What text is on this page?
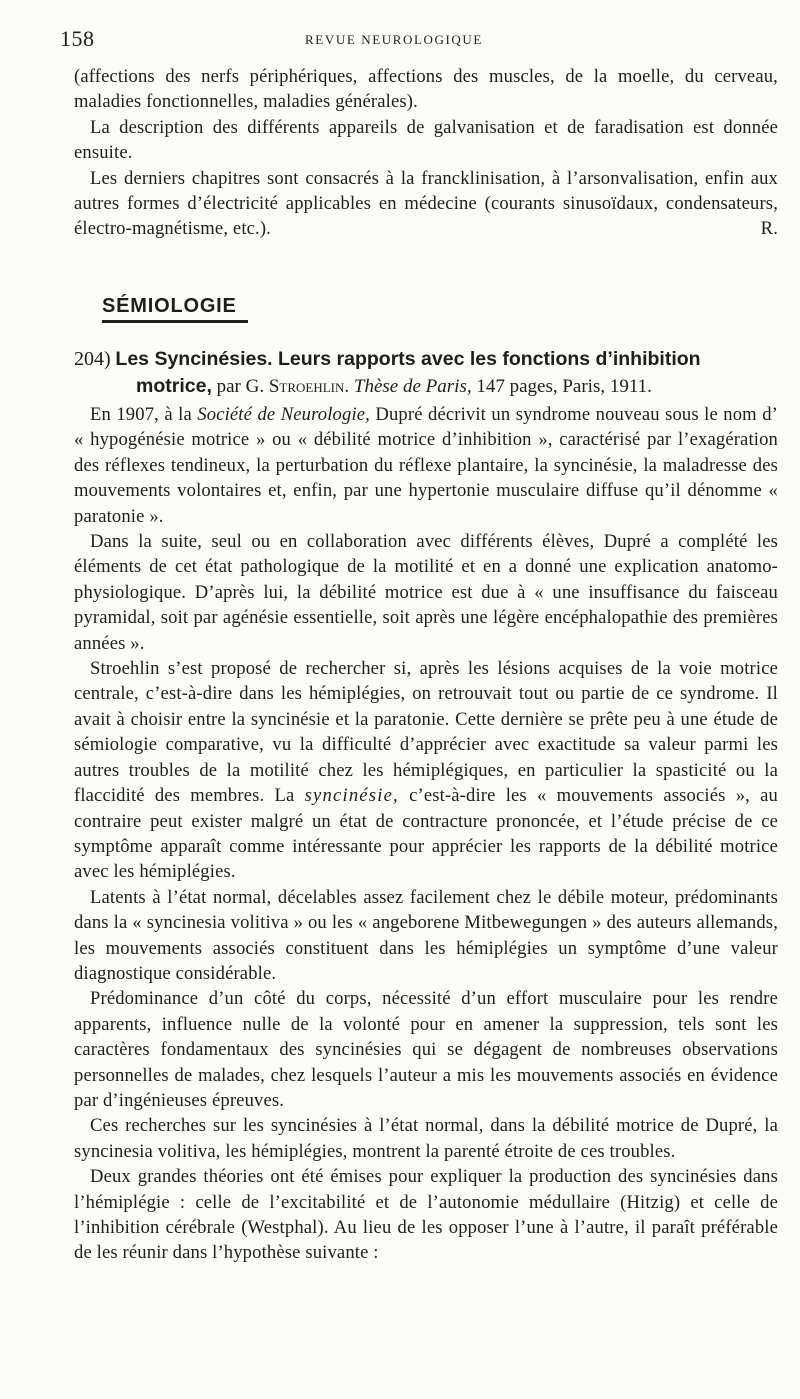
158	REVUE NEUROLOGIQUE

(affections des nerfs périphériques, affections des muscles, de la moelle, du cerveau, maladies fonctionnelles, maladies générales).

La description des différents appareils de galvanisation et de faradisation est donnée ensuite.

Les derniers chapitres sont consacrés à la francklinisation, à l’arsonvalisation, enfin aux autres formes d’électricité applicables en médecine (courants sinusoïdaux, condensateurs, électro-magnétisme, etc.).	R.

SÉMIOLOGIE
204) Les Syncinésies. Leurs rapports avec les fonctions d’inhibition
motrice, par G. Stroehlin. Thèse de Paris, 147 pages, Paris, 1911.

En 1907, à la Société de Neurologie, Dupré décrivit un syndrome nouveau sous le nom d’ « hypogénésie motrice » ou « débilité motrice d’inhibition », caractérisé par l’exagération des réflexes tendineux, la perturbation du réflexe plantaire, la syncinésie, la maladresse des mouvements volontaires et, enfin, par une hypertonie musculaire diffuse qu’il dénomme « paratonie ».

Dans la suite, seul ou en collaboration avec différents élèves, Dupré a complété les éléments de cet état pathologique de la motilité et en a donné une explication anatomo-physiologique. D’après lui, la débilité motrice est due à « une insuffisance du faisceau pyramidal, soit par agénésie essentielle, soit après une légère encéphalopathie des premières années ».

Stroehlin s’est proposé de rechercher si, après les lésions acquises de la voie motrice centrale, c’est-à-dire dans les hémiplégies, on retrouvait tout ou partie de ce syndrome. Il avait à choisir entre la syncinésie et la paratonie. Cette dernière se prête peu à une étude de sémiologie comparative, vu la difficulté d’apprécier avec exactitude sa valeur parmi les autres troubles de la motilité chez les hémiplégiques, en particulier la spasticité ou la flaccidité des membres. La syncinésie, c’est-à-dire les « mouvements associés », au contraire peut exister malgré un état de contracture prononcée, et l’étude précise de ce symptôme apparaît comme intéressante pour apprécier les rapports de la débilité motrice avec les hémiplégies.

Latents à l’état normal, décelables assez facilement chez le débile moteur, prédominants dans la « syncinesia volitiva » ou les « angeborene Mitbewegungen » des auteurs allemands, les mouvements associés constituent dans les hémiplégies un symptôme d’une valeur diagnostique considérable.

Prédominance d’un côté du corps, nécessité d’un effort musculaire pour les rendre apparents, influence nulle de la volonté pour en amener la suppression, tels sont les caractères fondamentaux des syncinésies qui se dégagent de nombreuses observations personnelles de malades, chez lesquels l’auteur a mis les mouvements associés en évidence par d’ingénieuses épreuves.

Ces recherches sur les syncinésies à l’état normal, dans la débilité motrice de Dupré, la syncinesia volitiva, les hémiplégies, montrent la parenté étroite de ces troubles.

Deux grandes théories ont été émises pour expliquer la production des syncinésies dans l’hémiplégie : celle de l’excitabilité et de l’autonomie médullaire (Hitzig) et celle de l’inhibition cérébrale (Westphal). Au lieu de les opposer l’une à l’autre, il paraît préférable de les réunir dans l’hypothèse suivante :
